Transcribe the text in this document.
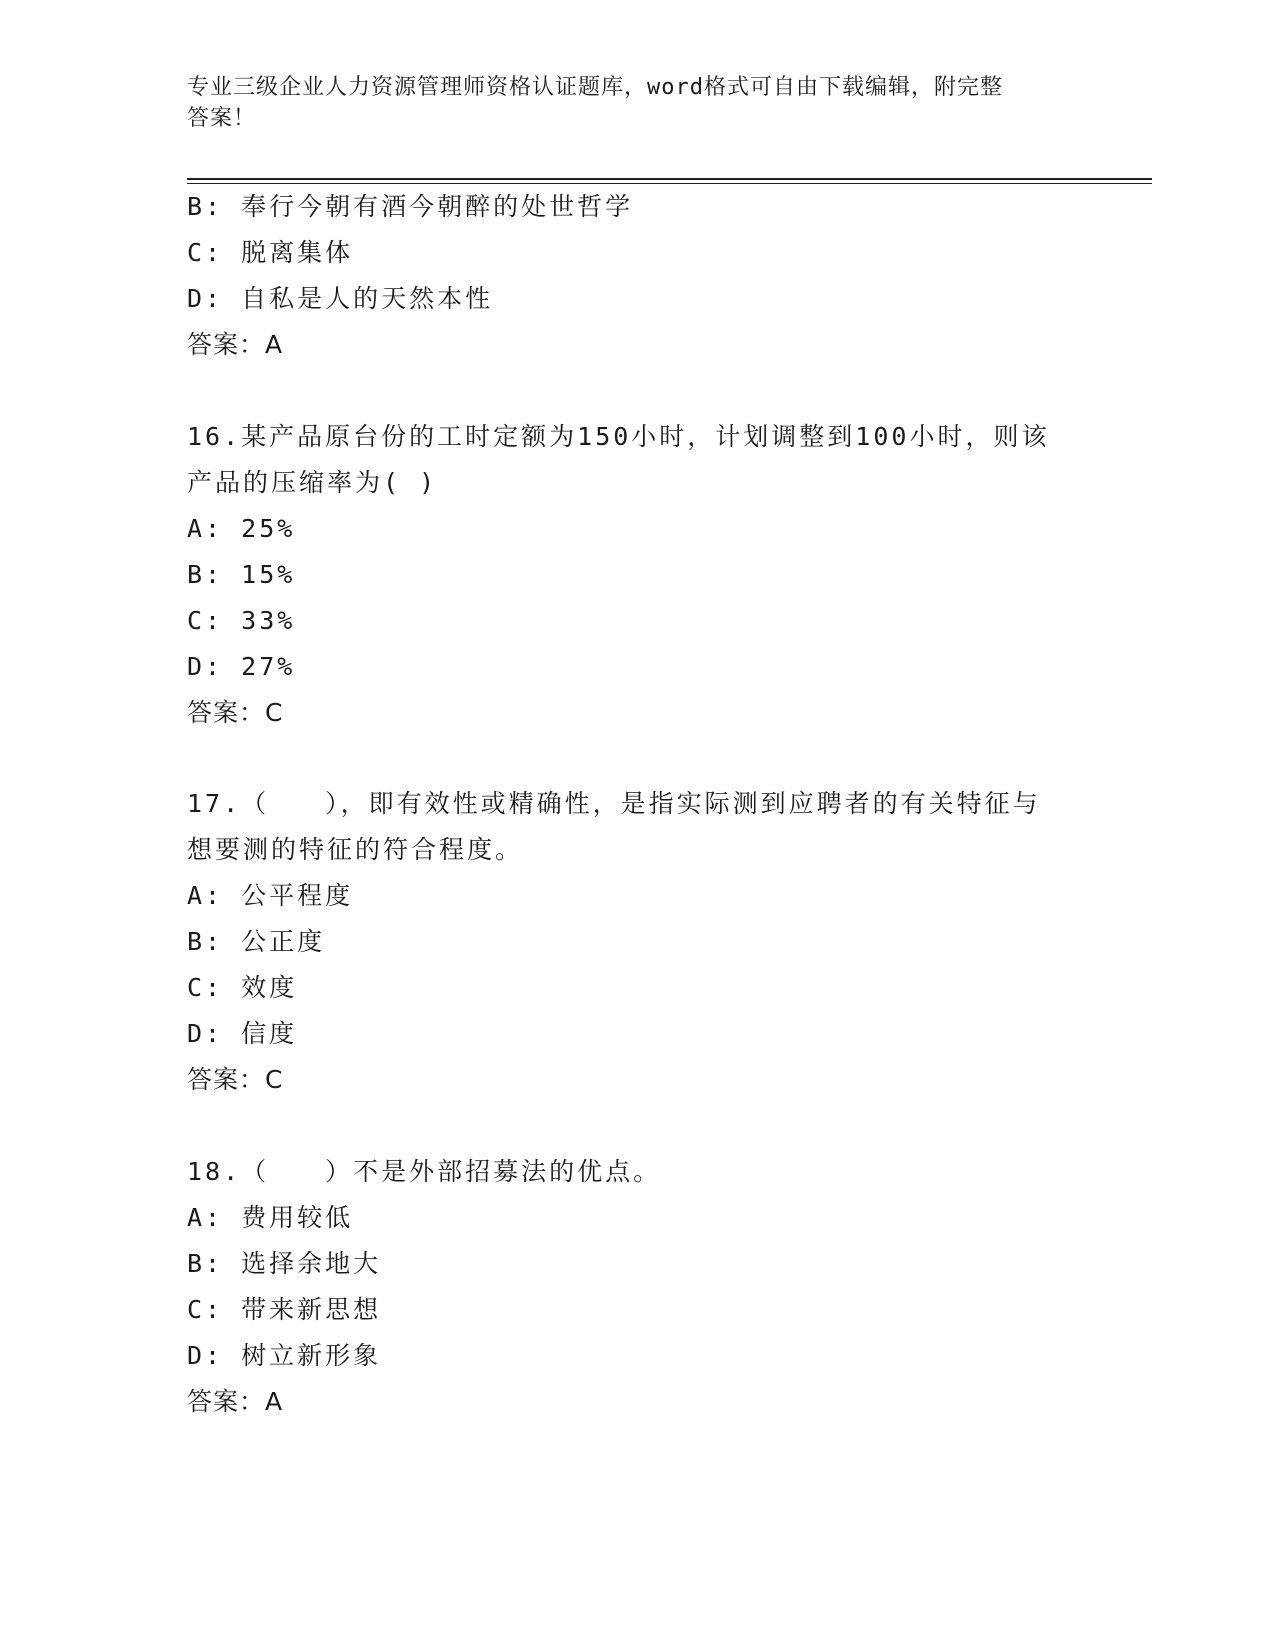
专业三级企业人力资源管理师资格认证题库，word格式可自由下载编辑，附完整
答案！
B: 奉行今朝有酒今朝醉的处世哲学
C: 脱离集体
D: 自私是人的天然本性
答案：A
16.某产品原台份的工时定额为150小时，计划调整到100小时，则该
产品的压缩率为( )
A: 25%
B: 15%
C: 33%
D: 27%
答案：C
17.（　　），即有效性或精确性，是指实际测到应聘者的有关特征与
想要测的特征的符合程度。
A: 公平程度
B: 公正度
C: 效度
D: 信度
答案：C
18.（　　）不是外部招募法的优点。
A: 费用较低
B: 选择余地大
C: 带来新思想
D: 树立新形象
答案：A
